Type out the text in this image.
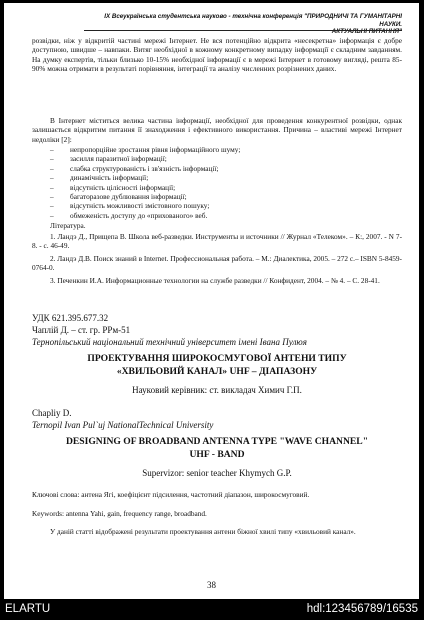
IX Всеукраїнська студентська науково - технічна конференція "ПРИРОДНИЧІ ТА ГУМАНІТАРНІ НАУКИ.
АКТУАЛЬНІ ПИТАННЯ"
розвідки, ніж у відкритій частині мережі Інтернет. Не вся потенційно відкрита «несекретна» інформація є добре доступною, швидше – навпаки. Витяг необхідної в кожному конкретному випадку інформації є складним завданням. На думку експертів, тільки близько 10-15% необхідної інформації є в мережі Інтернет в готовому вигляді, решта 85-90% можна отримати в результаті порівняння, інтеграції та аналізу численних розрізнених даних.
В Інтернет міститься велика частина інформації, необхідної для проведення конкурентної розвідки, однак залишається відкритим питання її знаходження і ефективного використання. Причина – властиві мережі Інтернет недоліки [2]:
– непропорційне зростання рівня інформаційного шуму;
– засилля паразитної інформації;
– слабка структурованість і зв'язність інформації;
– динамічність інформації;
– відсутність цілісності інформації;
– багаторазове дублювання інформації;
– відсутність можливості змістовного пошуку;
– обмеженість доступу до «прихованого» веб.
Література.
1. Ландэ Д., Прищепа В. Школа веб-разведки. Инструменты и источники // Журнал «Телеком». – К:, 2007. - N 7-8. - с. 46-49.
2. Ландэ Д.В. Поиск знаний в Internet. Профессиональная работа. – М.: Диалектика, 2005. – 272 с.– ISBN 5-8459-0764-0.
3. Печенкин И.А. Информационные технологии на службе разведки // Конфидент, 2004. – № 4. – С. 28-41.
УДК 621.395.677.32
Чаплій Д. – ст. гр. РРм-51
Тернопільський національний технічний університет імені Івана Пулюя
ПРОЕКТУВАННЯ ШИРОКОСМУГОВОЇ АНТЕНИ ТИПУ
«ХВИЛЬОВИЙ КАНАЛ» UHF – ДІАПАЗОНУ
Науковий керівник: ст. викладач Химич Г.П.
Chapliy D.
Ternopil Ivan Pul`uj NationalTechnical University
DESIGNING OF BROADBAND ANTENNA TYPE "WAVE CHANNEL"
UHF - BAND
Supervizor: senior teacher Khymych G.P.
Ключові слова: антена Ягі, коефіцієнт підсилення, частотний діапазон, широкосмуговий.
Keywords: antenna Yahi, gain, frequency range, broadband.
У даній статті відображені результати проектування антени біжної хвилі типу «хвильовий канал».
38
ELARTU	hdl:123456789/16535
